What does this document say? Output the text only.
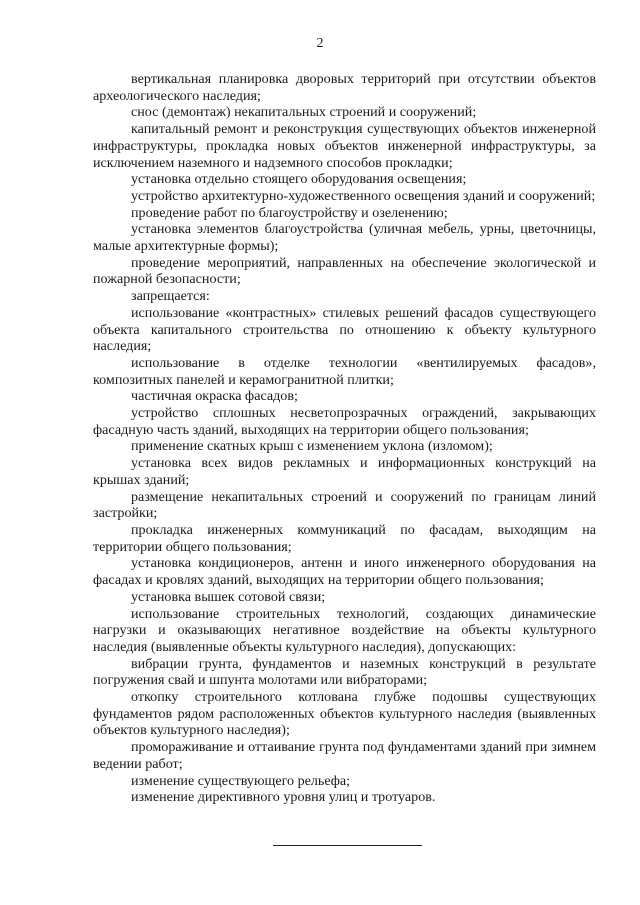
2

вертикальная планировка дворовых территорий при отсутствии объектов археологического наследия;

снос (демонтаж) некапитальных строений и сооружений;

капитальный ремонт и реконструкция существующих объектов инженерной инфраструктуры, прокладка новых объектов инженерной инфраструктуры, за исключением наземного и надземного способов прокладки;

установка отдельно стоящего оборудования освещения;

устройство архитектурно-художественного освещения зданий и сооружений;

проведение работ по благоустройству и озеленению;

установка элементов благоустройства (уличная мебель, урны, цветочницы, малые архитектурные формы);

проведение мероприятий, направленных на обеспечение экологической и пожарной безопасности;

запрещается:

использование «контрастных» стилевых решений фасадов существующего объекта капитального строительства по отношению к объекту культурного наследия;

использование в отделке технологии «вентилируемых фасадов», композитных панелей и керамогранитной плитки;

частичная окраска фасадов;

устройство сплошных несветопрозрачных ограждений, закрывающих фасадную часть зданий, выходящих на территории общего пользования;

применение скатных крыш с изменением уклона (изломом);

установка всех видов рекламных и информационных конструкций на крышах зданий;

размещение некапитальных строений и сооружений по границам линий застройки;

прокладка инженерных коммуникаций по фасадам, выходящим на территории общего пользования;

установка кондиционеров, антенн и иного инженерного оборудования на фасадах и кровлях зданий, выходящих на территории общего пользования;

установка вышек сотовой связи;

использование строительных технологий, создающих динамические нагрузки и оказывающих негативное воздействие на объекты культурного наследия (выявленные объекты культурного наследия), допускающих:

вибрации грунта, фундаментов и наземных конструкций в результате погружения свай и шпунта молотами или вибраторами;

откопку строительного котлована глубже подошвы существующих фундаментов рядом расположенных объектов культурного наследия (выявленных объектов культурного наследия);

промораживание и оттаивание грунта под фундаментами зданий при зимнем ведении работ;

изменение существующего рельефа;

изменение директивного уровня улиц и тротуаров.
